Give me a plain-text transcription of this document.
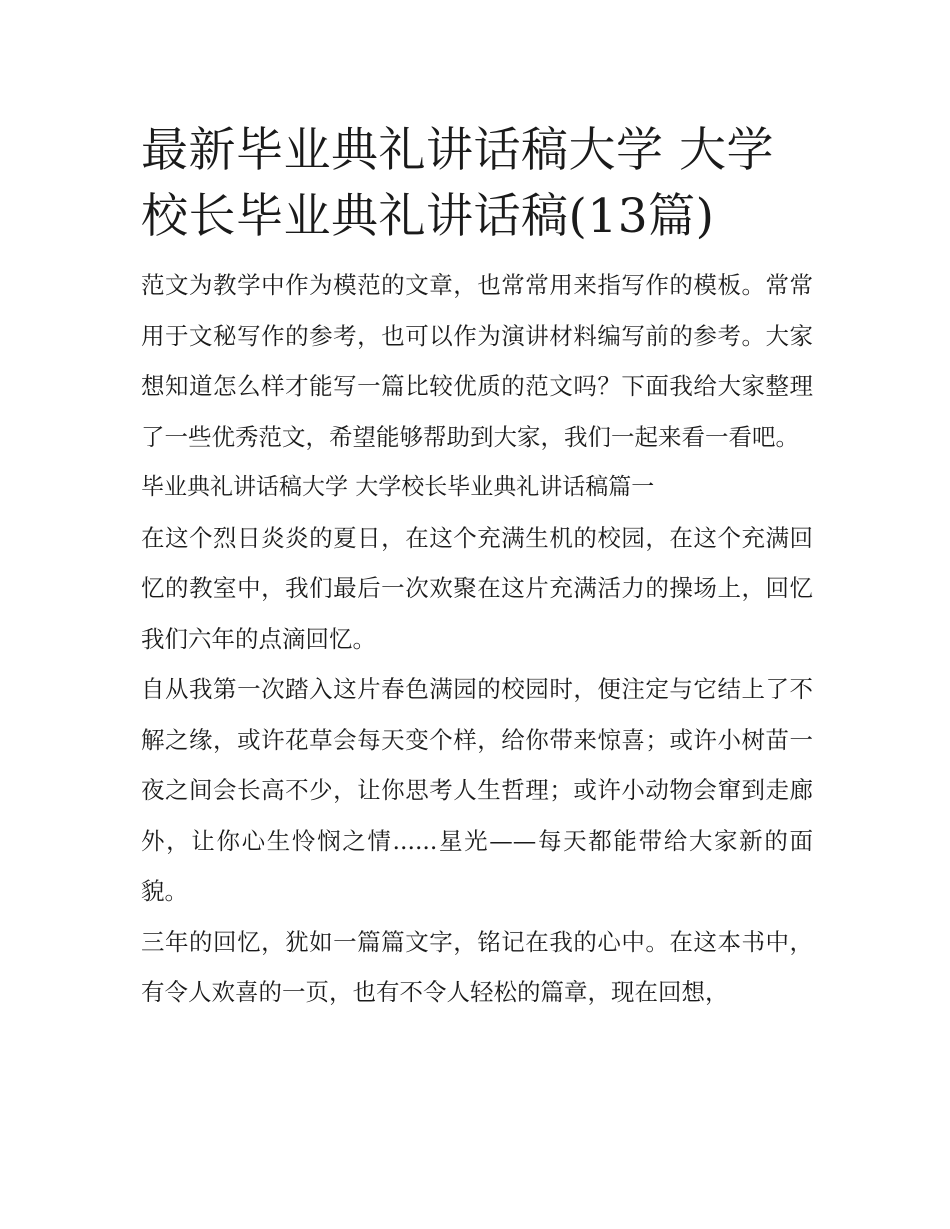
最新毕业典礼讲话稿大学 大学校长毕业典礼讲话稿(13篇)

范文为教学中作为模范的文章，也常常用来指写作的模板。常常用于文秘写作的参考，也可以作为演讲材料编写前的参考。大家想知道怎么样才能写一篇比较优质的范文吗？下面我给大家整理了一些优秀范文，希望能够帮助到大家，我们一起来看一看吧。

毕业典礼讲话稿大学 大学校长毕业典礼讲话稿篇一

在这个烈日炎炎的夏日，在这个充满生机的校园，在这个充满回忆的教室中，我们最后一次欢聚在这片充满活力的操场上，回忆我们六年的点滴回忆。

自从我第一次踏入这片春色满园的校园时，便注定与它结上了不解之缘，或许花草会每天变个样，给你带来惊喜；或许小树苗一夜之间会长高不少，让你思考人生哲理；或许小动物会窜到走廊外，让你心生怜悯之情......星光——每天都能带给大家新的面貌。

三年的回忆，犹如一篇篇文字，铭记在我的心中。在这本书中，有令人欢喜的一页，也有不令人轻松的篇章，现在回想，
